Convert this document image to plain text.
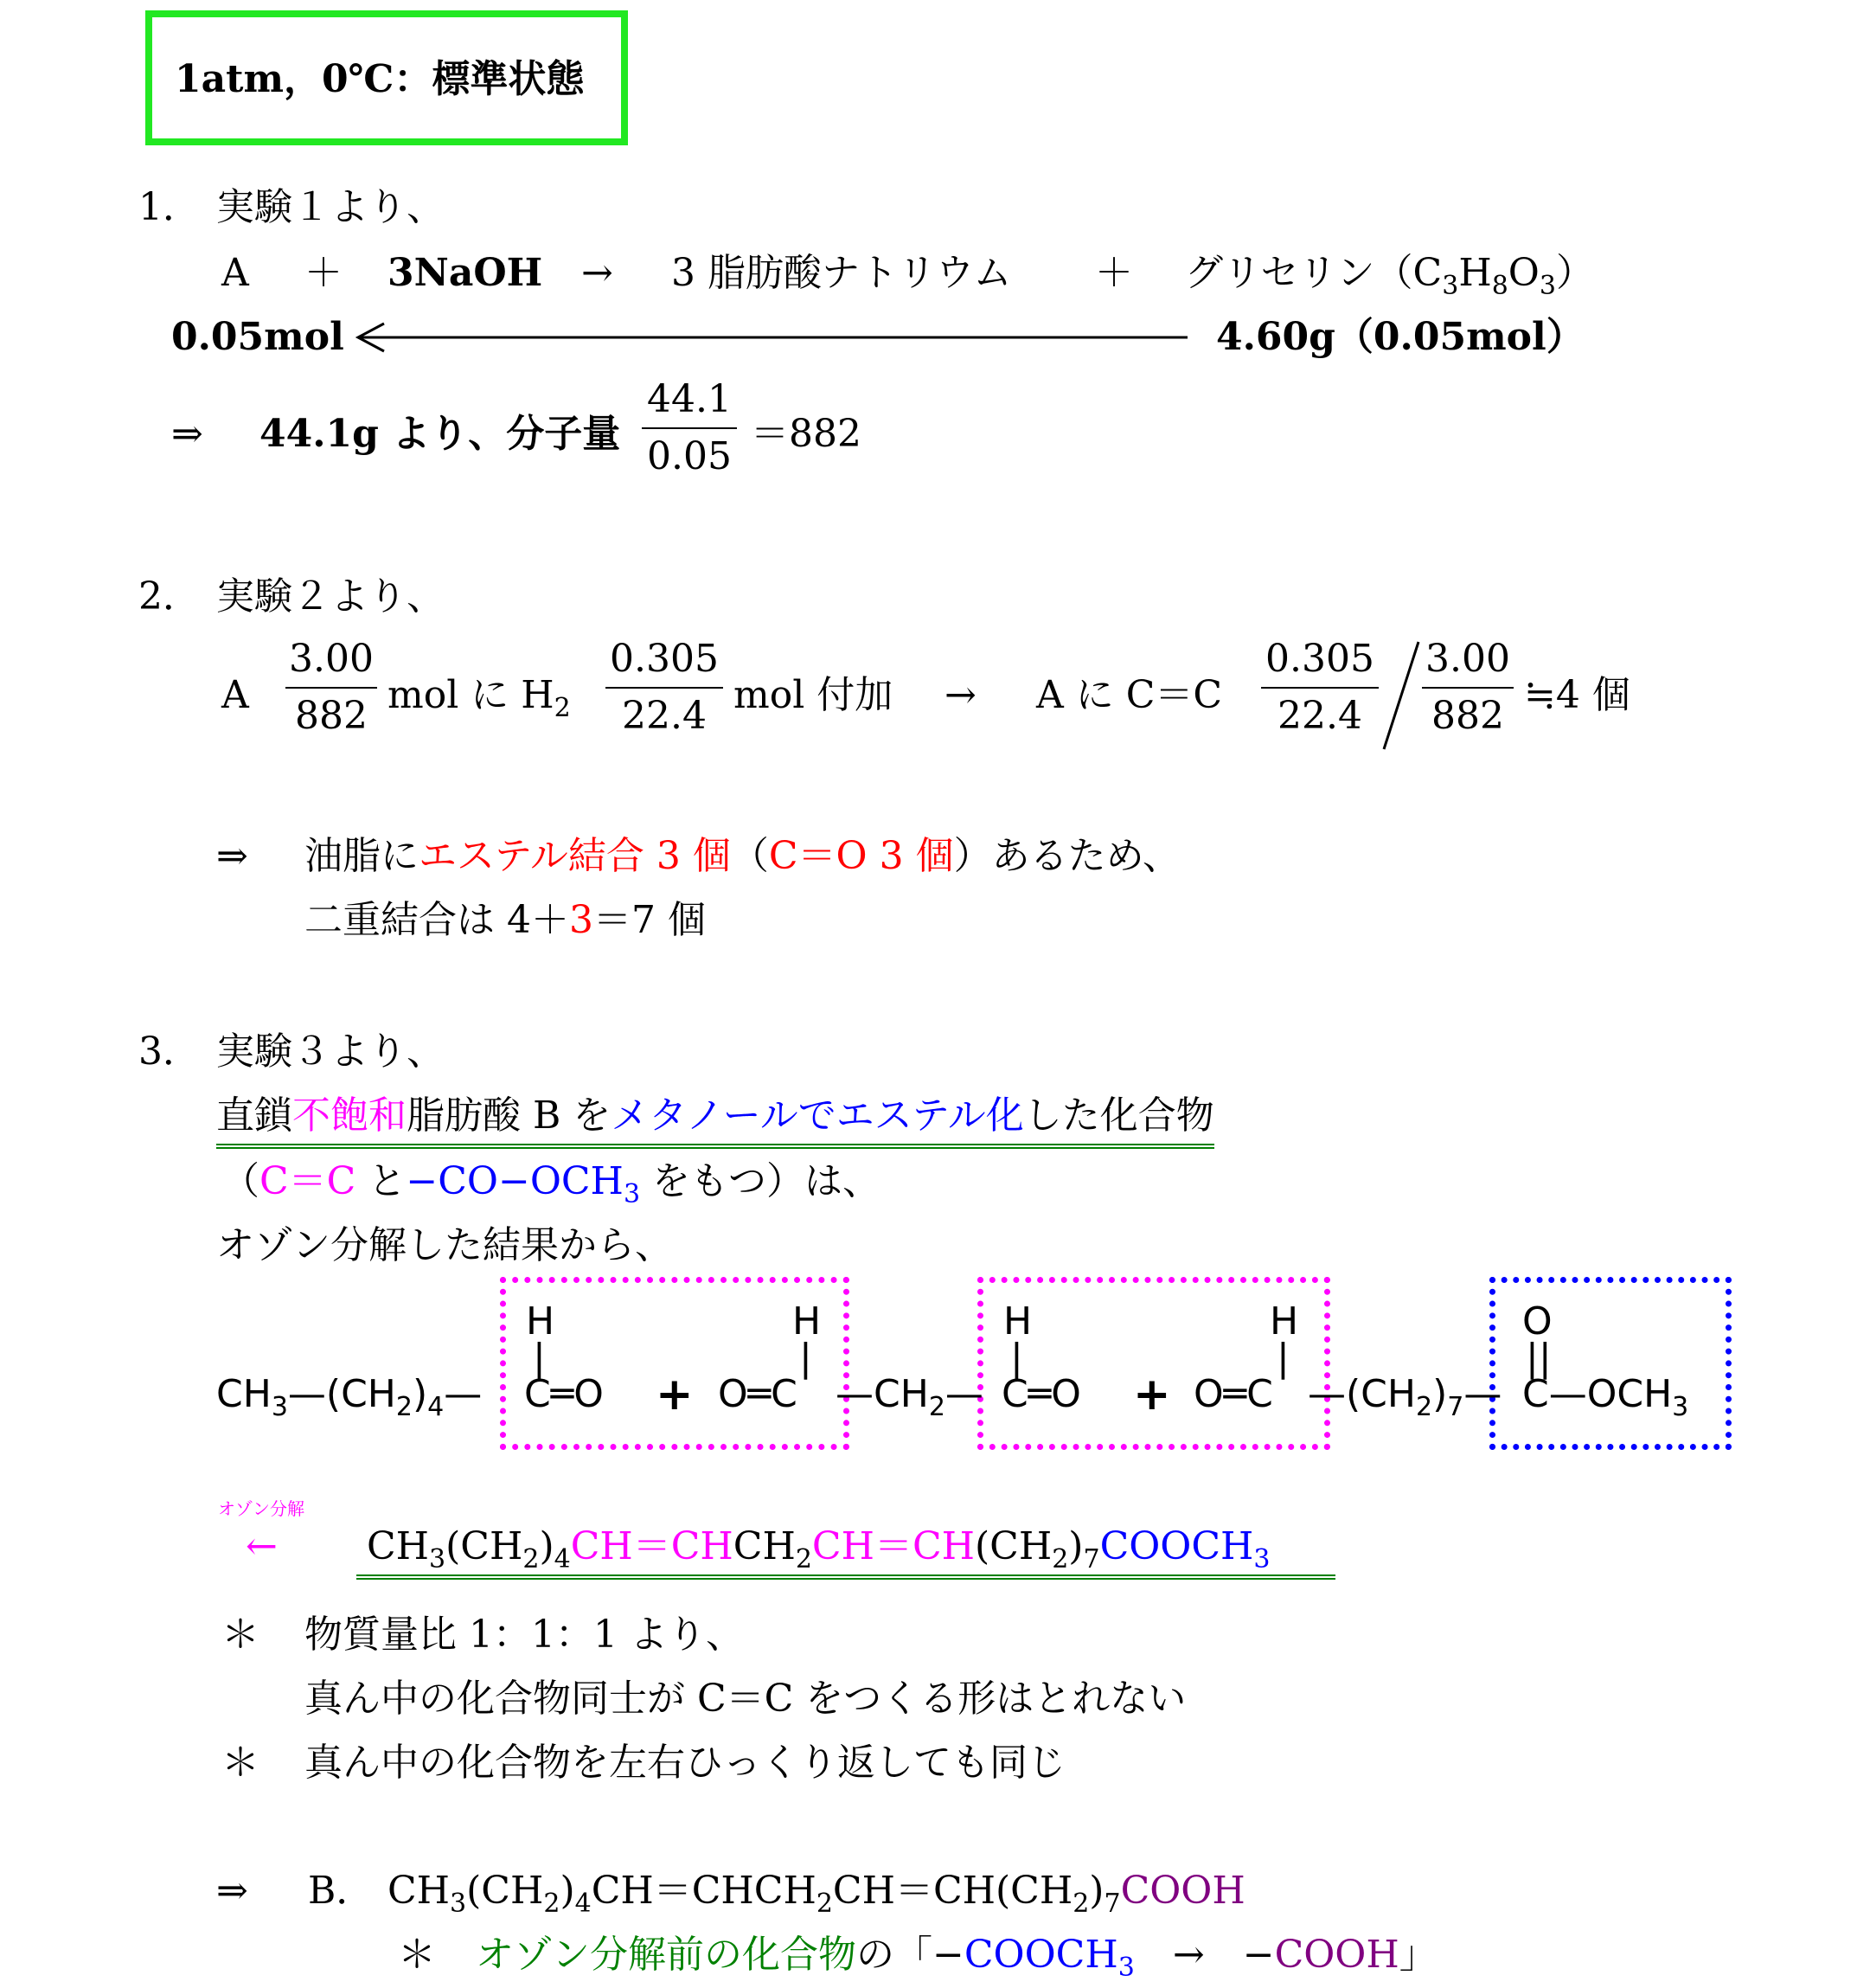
1atm，0℃：標準状態
1． 実験１より、
A ＋ 3NaOH → 3 脂肪酸ナトリウム ＋ グリセリン$(C_3H_8O_3)$
0.05mol	4.60g（0.05mol）
⇒ 44.1g より、分子量 $\frac{44.1}{0.05} =882$
2． 実験２より、
A $\frac{3.00}{882}$ mol に $H_2 \frac{0.305}{22.4}$ mol 付加 → A に $C=C \frac{0.305}{22.4} \frac{3.00}{882}$ ≒4 個
⇒ 油脂にエステル結合 3 個（C＝O 3 個）あるため、
二重結合は 4＋3＝7 個
3． 実験３より、
直鎖不飽和脂肪酸 B をメタノールでエステル化した化合物
（C＝C と$-CO-OCH_3$ をもつ）は、
オゾン分解した結果から、
$CH_3—(CH_2)_4—$
H
|
C═O +
H
|
O═C $—CH_2—$
H
|
C═O +
H
|
O═C $—(CH_2)_7—$
O
||
$C—OCH_3$
オゾン分解
← $CH_3(CH_2)_4CH=CHCH_2CH=CH(CH_2)_7COOCH_3$
＊ 物質量比 1：1：1 より、
真ん中の化合物同士が C＝C をつくる形はとれない
＊ 真ん中の化合物を左右ひっくり返しても同じ
⇒ B． $CH_3(CH_2)_4CH=CHCH_2CH=CH(CH_2)_7COOH$
＊ オゾン分解前の化合物の「$-COOCH_3$　→　−COOH」
